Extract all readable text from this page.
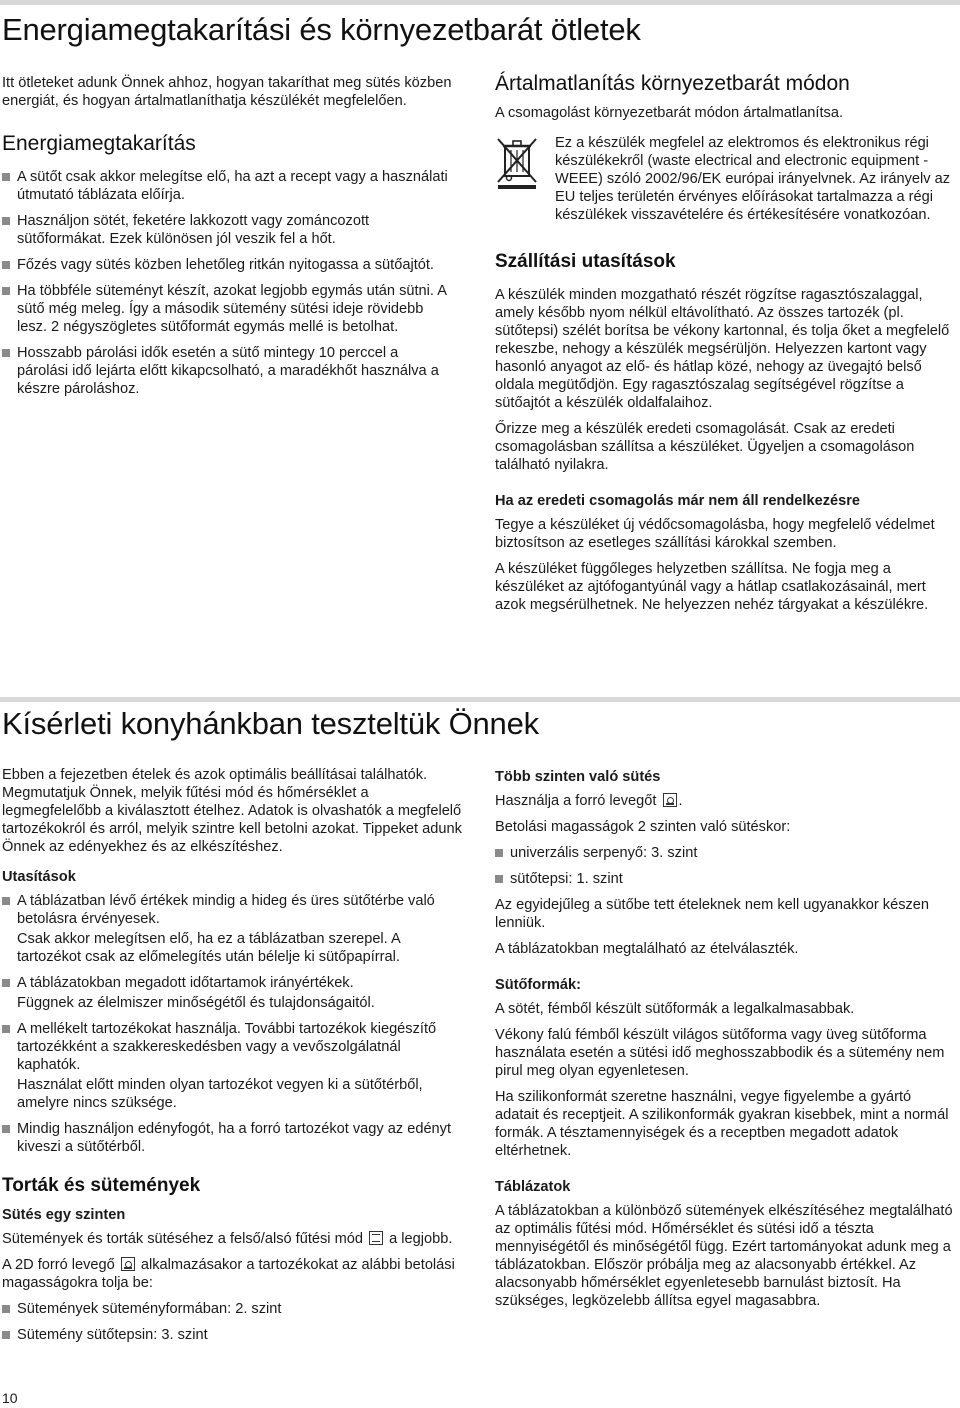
Energiamegtakarítási és környezetbarát ötletek

Itt ötleteket adunk Önnek ahhoz, hogyan takaríthat meg sütés közben energiát, és hogyan ártalmatlaníthatja készülékét megfelelően.

Energiamegtakarítás
A sütőt csak akkor melegítse elő, ha azt a recept vagy a használati útmutató táblázata előírja.
Használjon sötét, feketére lakkozott vagy zománcozott sütőformákat. Ezek különösen jól veszik fel a hőt.
Főzés vagy sütés közben lehetőleg ritkán nyitogassa a sütőajtót.
Ha többféle süteményt készít, azokat legjobb egymás után sütni. A sütő még meleg. Így a második sütemény sütési ideje rövidebb lesz. 2 négyszögletes sütőformát egymás mellé is betolhat.
Hosszabb párolási idők esetén a sütő mintegy 10 perccel a párolási idő lejárta előtt kikapcsolható, a maradékhőt használva a készre pároláshoz.
Ártalmatlanítás környezetbarát módon

A csomagolást környezetbarát módon ártalmatlanítsa.

Ez a készülék megfelel az elektromos és elektronikus régi készülékekről (waste electrical and electronic equipment - WEEE) szóló 2002/96/EK európai irányelvnek. Az irányelv az EU teljes területén érvényes előírásokat tartalmazza a régi készülékek visszavételére és értékesítésére vonatkozóan.

Szállítási utasítások

A készülék minden mozgatható részét rögzítse ragasztószalaggal, amely később nyom nélkül eltávolítható. Az összes tartozék (pl. sütőtepsi) szélét borítsa be vékony kartonnal, és tolja őket a megfelelő rekeszbe, nehogy a készülék megsérüljön. Helyezzen kartont vagy hasonló anyagot az elő- és hátlap közé, nehogy az üvegajtó belső oldala megütődjön. Egy ragasztószalag segítségével rögzítse a sütőajtót a készülék oldalfalaihoz.

Őrizze meg a készülék eredeti csomagolását. Csak az eredeti csomagolásban szállítsa a készüléket. Ügyeljen a csomagoláson található nyilakra.

Ha az eredeti csomagolás már nem áll rendelkezésre

Tegye a készüléket új védőcsomagolásba, hogy megfelelő védelmet biztosítson az esetleges szállítási károkkal szemben.

A készüléket függőleges helyzetben szállítsa. Ne fogja meg a készüléket az ajtófogantyúnál vagy a hátlap csatlakozásainál, mert azok megsérülhetnek. Ne helyezzen nehéz tárgyakat a készülékre.

Kísérleti konyhánkban teszteltük Önnek

Ebben a fejezetben ételek és azok optimális beállításai találhatók. Megmutatjuk Önnek, melyik fűtési mód és hőmérséklet a legmegfelelőbb a kiválasztott ételhez. Adatok is olvashatók a megfelelő tartozékokról és arról, melyik szintre kell betolni azokat. Tippeket adunk Önnek az edényekhez és az elkészítéshez.

Utasítások
A táblázatban lévő értékek mindig a hideg és üres sütőtérbe való betolásra érvényesek.
Csak akkor melegítsen elő, ha ez a táblázatban szerepel. A tartozékot csak az előmelegítés után bélelje ki sütőpapírral.
A táblázatokban megadott időtartamok irányértékek.
Függnek az élelmiszer minőségétől és tulajdonságaitól.
A mellékelt tartozékokat használja. További tartozékok kiegészítő tartozékként a szakkereskedésben vagy a vevőszolgálatnál kaphatók.
Használat előtt minden olyan tartozékot vegyen ki a sütőtérből, amelyre nincs szüksége.
Mindig használjon edényfogót, ha a forró tartozékot vagy az edényt kiveszi a sütőtérből.
Torták és sütemények
Sütés egy szinten

Sütemények és torták sütéséhez a felső/alsó fűtési mód a legjobb.

A 2D forró levegő alkalmazásakor a tartozékokat az alábbi betolási magasságokra tolja be:

Sütemények süteményformában: 2. szint
Sütemény sütőtepsin: 3. szint
Több szinten való sütés

Használja a forró levegőt .

Betolási magasságok 2 szinten való sütéskor:

univerzális serpenyő: 3. szint
sütőtepsi: 1. szint

Az egyidejűleg a sütőbe tett ételeknek nem kell ugyanakkor készen lenniük.

A táblázatokban megtalálható az ételválaszték.

Sütőformák:

A sötét, fémből készült sütőformák a legalkalmasabbak.

Vékony falú fémből készült világos sütőforma vagy üveg sütőforma használata esetén a sütési idő meghosszabbodik és a sütemény nem pirul meg olyan egyenletesen.

Ha szilikonformát szeretne használni, vegye figyelembe a gyártó adatait és receptjeit. A szilikonformák gyakran kisebbek, mint a normál formák. A tésztamennyiségek és a receptben megadott adatok eltérhetnek.

Táblázatok

A táblázatokban a különböző sütemények elkészítéséhez megtalálható az optimális fűtési mód. Hőmérséklet és sütési idő a tészta mennyiségétől és minőségétől függ. Ezért tartományokat adunk meg a táblázatokban. Először próbálja meg az alacsonyabb értékkel. Az alacsonyabb hőmérséklet egyenletesebb barnulást biztosít. Ha szükséges, legközelebb állítsa egyel magasabbra.

10
